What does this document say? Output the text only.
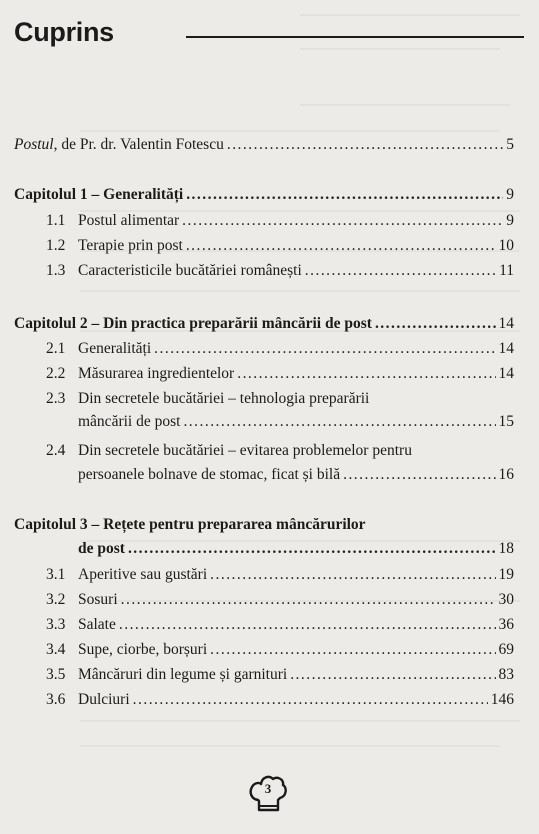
Cuprins
Postul, de Pr. dr. Valentin Fotescu . . .	5
Capitolul 1 – Generalități . . .	9
1.1 Postul alimentar . . .	9
1.2 Terapie prin post . . .	10
1.3 Caracteristicile bucătăriei românești . . .	11
Capitolul 2 – Din practica preparării mâncării de post . . .	14
2.1 Generalități . . .	14
2.2 Măsurarea ingredientelor . . .	14
2.3 Din secretele bucătăriei – tehnologia preparării
mâncării de post . . .	15
2.4 Din secretele bucătăriei – evitarea problemelor pentru
persoanele bolnave de stomac, ficat și bilă . . .	16
Capitolul 3 – Rețete pentru prepararea mâncărurilor
de post . . .	18
3.1 Aperitive sau gustări . . .	19
3.2 Sosuri . . .	30
3.3 Salate . . .	36
3.4 Supe, ciorbe, borșuri . . .	69
3.5 Mâncăruri din legume și garnituri . . .	83
3.6 Dulciuri . . .	146
3
